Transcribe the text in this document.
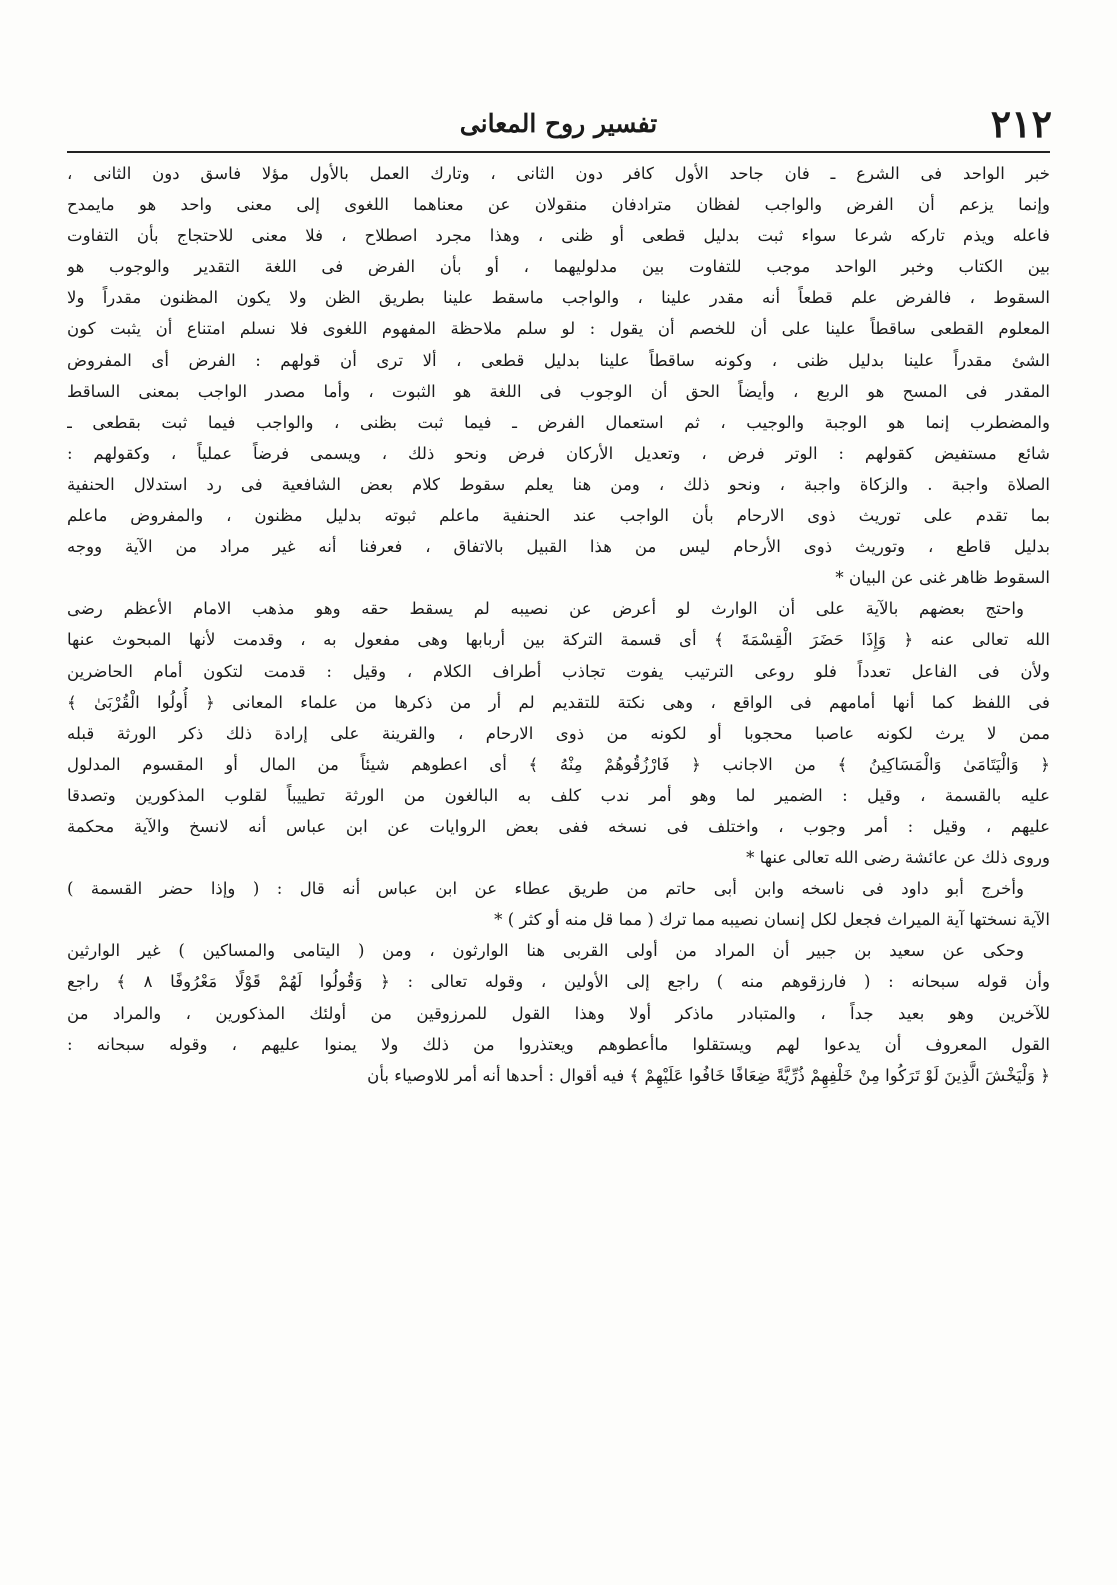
٢١٢
تفسير روح المعانى
خبر الواحد فى الشرع ـ فان جاحد الأول كافر دون الثانى ، وتارك العمل بالأول مؤلا فاسق دون الثانى ،
وإنما يزعم أن الفرض والواجب لفظان مترادفان منقولان عن معناهما اللغوى إلى معنى واحد هو مايمدح
فاعله ويذم تاركه شرعا سواء ثبت بدليل قطعى أو ظنى ، وهذا مجرد اصطلاح ، فلا معنى للاحتجاج بأن التفاوت
بين الكتاب وخبر الواحد موجب للتفاوت بين مدلوليهما ، أو بأن الفرض فى اللغة التقدير والوجوب هو
السقوط ، فالفرض علم قطعاً أنه مقدر علينا ، والواجب ماسقط علينا بطريق الظن ولا يكون المظنون مقدراً ولا
المعلوم القطعى ساقطاً علينا على أن للخصم أن يقول : لو سلم ملاحظة المفهوم اللغوى فلا نسلم امتناع أن يثبت كون
الشئ مقدراً علينا بدليل ظنى ، وكونه ساقطاً علينا بدليل قطعى ، ألا ترى أن قولهم : الفرض أى المفروض
المقدر فى المسح هو الربع ، وأيضاً الحق أن الوجوب فى اللغة هو الثبوت ، وأما مصدر الواجب بمعنى الساقط
والمضطرب إنما هو الوجبة والوجيب ، ثم استعمال الفرض ـ فيما ثبت بظنى ، والواجب فيما ثبت بقطعى ـ
شائع مستفيض كقولهم : الوتر فرض ، وتعديل الأركان فرض ونحو ذلك ، ويسمى فرضاً عملياً ، وكقولهم :
الصلاة واجبة . والزكاة واجبة ، ونحو ذلك ، ومن هنا يعلم سقوط كلام بعض الشافعية فى رد استدلال الحنفية
بما تقدم على توريث ذوى الارحام بأن الواجب عند الحنفية ماعلم ثبوته بدليل مظنون ، والمفروض ماعلم
بدليل قاطع ، وتوريث ذوى الأرحام ليس من هذا القبيل بالاتفاق ، فعرفنا أنه غير مراد من الآية ووجه
السقوط ظاهر غنى عن البيان *
واحتج بعضهم بالآية على أن الوارث لو أعرض عن نصيبه لم يسقط حقه وهو مذهب الامام الأعظم رضى
الله تعالى عنه ﴿ وَإِذَا حَضَرَ الْقِسْمَةَ ﴾ أى قسمة التركة بين أربابها وهى مفعول به ، وقدمت لأنها المبحوث عنها
ولأن فى الفاعل تعدداً فلو روعى الترتيب يفوت تجاذب أطراف الكلام ، وقيل : قدمت لتكون أمام الحاضرين
فى اللفظ كما أنها أمامهم فى الواقع ، وهى نكتة للتقديم لم أر من ذكرها من علماء المعانى ﴿ أُولُوا الْقُرْبَىٰ ﴾
ممن لا يرث لكونه عاصبا محجوبا أو لكونه من ذوى الارحام ، والقرينة على إرادة ذلك ذكر الورثة قبله
﴿ وَالْيَتَامَىٰ وَالْمَسَاكِينُ ﴾ من الاجانب ﴿ فَارْزُقُوهُمْ مِنْهُ ﴾ أى اعطوهم شيئاً من المال أو المقسوم المدلول
عليه بالقسمة ، وقيل : الضمير لما وهو أمر ندب كلف به البالغون من الورثة تطييباً لقلوب المذكورين وتصدقا
عليهم ، وقيل : أمر وجوب ، واختلف فى نسخه ففى بعض الروايات عن ابن عباس أنه لانسخ والآية محكمة
وروى ذلك عن عائشة رضى الله تعالى عنها *
وأخرج أبو داود فى ناسخه وابن أبى حاتم من طريق عطاء عن ابن عباس أنه قال : ( وإذا حضر القسمة )
الآية نسختها آية الميراث فجعل لكل إنسان نصيبه مما ترك ( مما قل منه أو كثر ) *
وحكى عن سعيد بن جبير أن المراد من أولى القربى هنا الوارثون ، ومن ( اليتامى والمساكين ) غير الوارثين
وأن قوله سبحانه : ( فارزقوهم منه ) راجع إلى الأولين ، وقوله تعالى : ﴿ وَقُولُوا لَهُمْ قَوْلًا مَعْرُوفًا ٨ ﴾ راجع
للآخرين وهو بعيد جداً ، والمتبادر ماذكر أولا وهذا القول للمرزوقين من أولئك المذكورين ، والمراد من
القول المعروف أن يدعوا لهم ويستقلوا ماأعطوهم ويعتذروا من ذلك ولا يمنوا عليهم ، وقوله سبحانه :
﴿ وَلْيَخْشَ الَّذِينَ لَوْ تَرَكُوا مِنْ خَلْفِهِمْ ذُرِّيَّةً ضِعَافًا خَافُوا عَلَيْهِمْ ﴾ فيه أقوال : أحدها أنه أمر للاوصياء بأن
